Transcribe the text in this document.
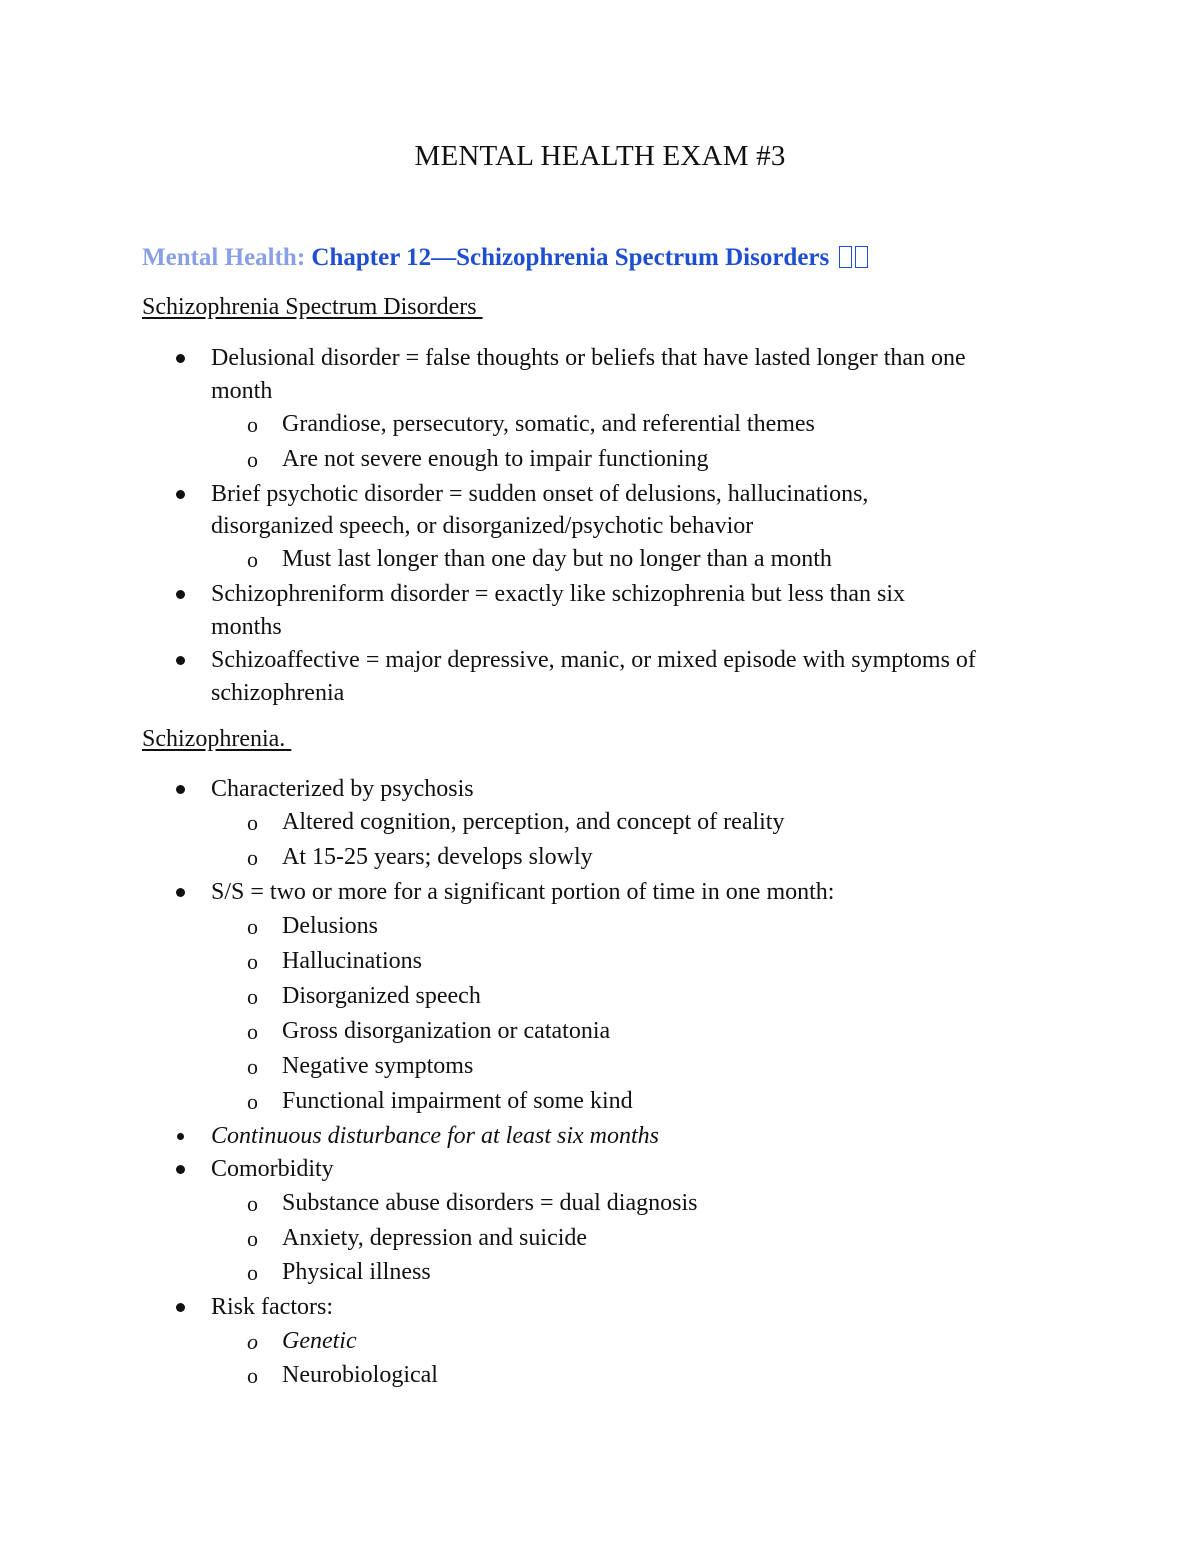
MENTAL HEALTH EXAM #3
Mental Health: Chapter 12—Schizophrenia Spectrum Disorders
Schizophrenia Spectrum Disorders
Delusional disorder = false thoughts or beliefs that have lasted longer than one
month
o Grandiose, persecutory, somatic, and referential themes
o Are not severe enough to impair functioning
Brief psychotic disorder = sudden onset of delusions, hallucinations,
disorganized speech, or disorganized/psychotic behavior
o Must last longer than one day but no longer than a month
Schizophreniform disorder = exactly like schizophrenia but less than six
months
Schizoaffective = major depressive, manic, or mixed episode with symptoms of
schizophrenia
Schizophrenia.
Characterized by psychosis
o Altered cognition, perception, and concept of reality
o At 15-25 years; develops slowly
S/S = two or more for a significant portion of time in one month:
o Delusions
o Hallucinations
o Disorganized speech
o Gross disorganization or catatonia
o Negative symptoms
o Functional impairment of some kind
Continuous disturbance for at least six months
Comorbidity
o Substance abuse disorders = dual diagnosis
o Anxiety, depression and suicide
o Physical illness
Risk factors:
o Genetic
o Neurobiological
